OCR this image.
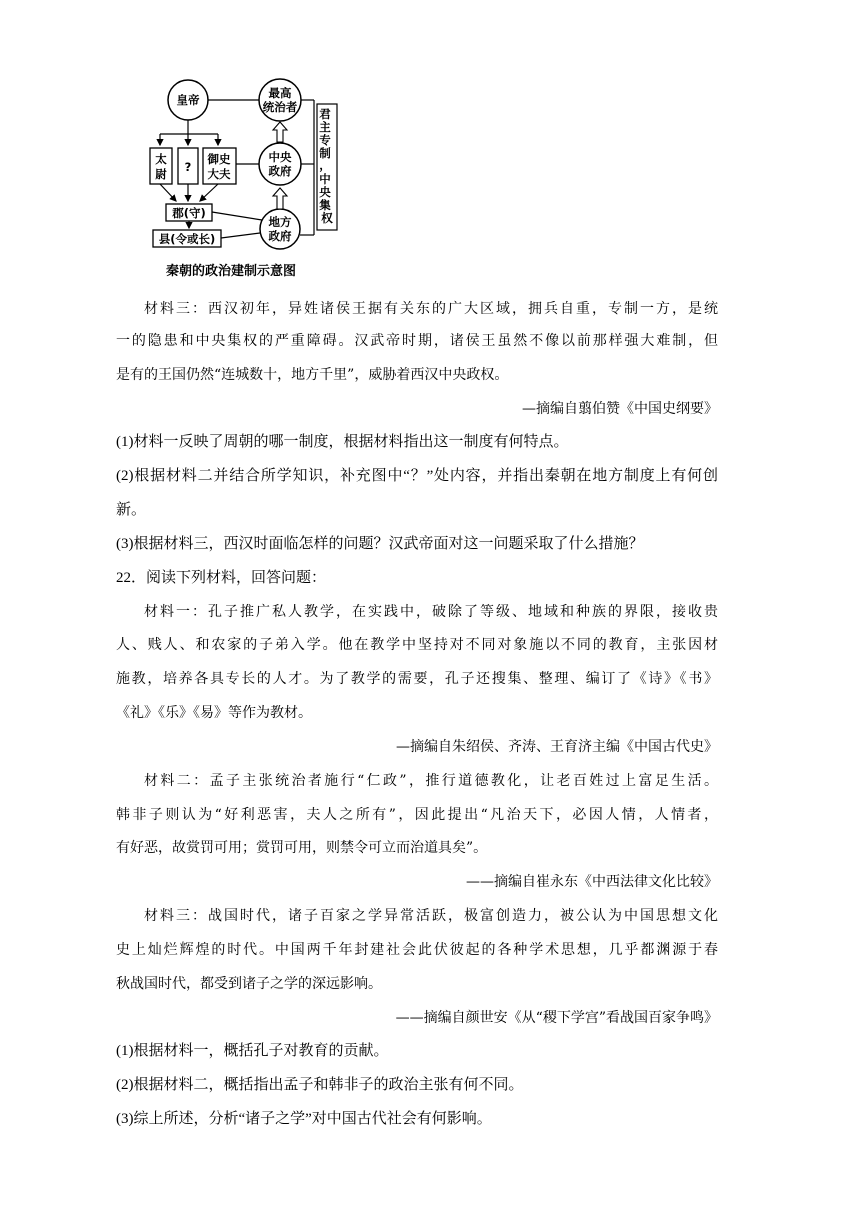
皇帝	最高
统治者 君 主 专 制 ， 中 央 集 权
太
尉 ?
御史
大夫
中央
政府
郡(守)
地方
政府
县(令或长)
秦朝的政治建制示意图
材料三：西汉初年，异姓诸侯王据有关东的广大区域，拥兵自重，专制一方，是统
一的隐患和中央集权的严重障碍。汉武帝时期，诸侯王虽然不像以前那样强大难制，但
是有的王国仍然“连城数十，地方千里”，威胁着西汉中央政权。
—摘编自翦伯赞《中国史纲要》
(1)材料一反映了周朝的哪一制度，根据材料指出这一制度有何特点。
(2)根据材料二并结合所学知识，补充图中“？”处内容，并指出秦朝在地方制度上有何创
新。
(3)根据材料三，西汉时面临怎样的问题？汉武帝面对这一问题采取了什么措施？
22．阅读下列材料，回答问题：
材料一：孔子推广私人教学，在实践中，破除了等级、地域和种族的界限，接收贵
人、贱人、和农家的子弟入学。他在教学中坚持对不同对象施以不同的教育，主张因材
施教，培养各具专长的人才。为了教学的需要，孔子还搜集、整理、编订了《诗》《书》
《礼》《乐》《易》等作为教材。
—摘编自朱绍侯、齐涛、王育济主编《中国古代史》
材料二：孟子主张统治者施行“仁政”，推行道德教化，让老百姓过上富足生活。
韩非子则认为“好利恶害，夫人之所有”，因此提出“凡治天下，必因人情，人情者，
有好恶，故赏罚可用；赏罚可用，则禁令可立而治道具矣”。
——摘编自崔永东《中西法律文化比较》
材料三：战国时代，诸子百家之学异常活跃，极富创造力，被公认为中国思想文化
史上灿烂辉煌的时代。中国两千年封建社会此伏彼起的各种学术思想，几乎都渊源于春
秋战国时代，都受到诸子之学的深远影响。
——摘编自颜世安《从“稷下学宫”看战国百家争鸣》
(1)根据材料一，概括孔子对教育的贡献。
(2)根据材料二，概括指出孟子和韩非子的政治主张有何不同。
(3)综上所述，分析“诸子之学”对中国古代社会有何影响。
